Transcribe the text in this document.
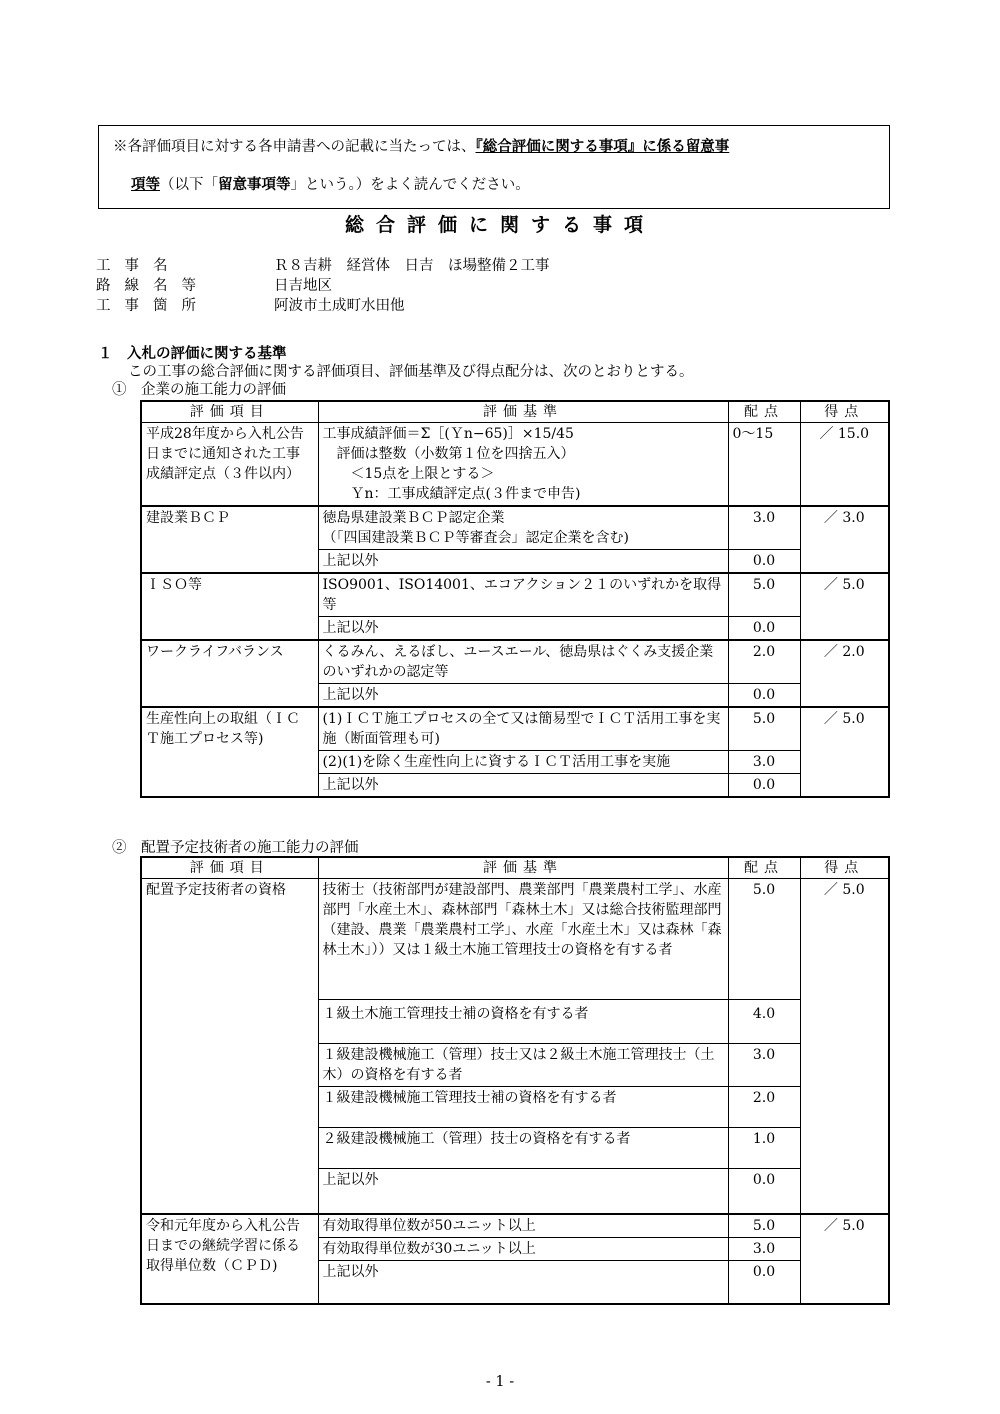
※各評価項目に対する各申請書への記載に当たっては、『総合評価に関する事項』に係る留意事
項等（以下「留意事項等」という。）をよく読んでください。
総合評価に関する事項
工事名	Ｒ８吉耕　経営体　日吉　ほ場整備２工事
路線名等	日吉地区
工事箇所	阿波市土成町水田他
１　入札の評価に関する基準
この工事の総合評価に関する評価項目、評価基準及び得点配分は、次のとおりとする。
①　企業の施工能力の評価
評価項目	評価基準	配点	得点
平成28年度から入札公告日までに通知された工事成績評定点（３件以内）	工事成績評価＝Σ［(Ｙn−65)］×15/45
　評価は整数（小数第１位を四捨五入）
　　＜15点を上限とする＞
　　Ｙn：工事成績評定点(３件まで申告)	0〜15	／ 15.0
建設業ＢＣＰ	徳島県建設業ＢＣＰ認定企業
（「四国建設業ＢＣＰ等審査会」認定企業を含む)	3.0	／ 3.0
	上記以外	0.0	
ＩＳＯ等	ISO9001、ISO14001、エコアクション２１のいずれかを取得等	5.0	／ 5.0
	上記以外	0.0	
ワークライフバランス	くるみん、えるぼし、ユースエール、徳島県はぐくみ支援企業のいずれかの認定等	2.0	／ 2.0
	上記以外	0.0	
生産性向上の取組（ＩＣＴ施工プロセス等)	(1)ＩＣＴ施工プロセスの全て又は簡易型でＩＣＴ活用工事を実施（断面管理も可)	5.0	／ 5.0
	(2)(1)を除く生産性向上に資するＩＣＴ活用工事を実施	3.0	
	上記以外	0.0	
②　配置予定技術者の施工能力の評価
評価項目	評価基準	配点	得点
配置予定技術者の資格	技術士（技術部門が建設部門、農業部門「農業農村工学」、水産部門「水産土木」、森林部門「森林土木」又は総合技術監理部門（建設、農業「農業農村工学」、水産「水産土木」又は森林「森林土木」））又は１級土木施工管理技士の資格を有する者	5.0	／ 5.0
	１級土木施工管理技士補の資格を有する者	4.0	
	１級建設機械施工（管理）技士又は２級土木施工管理技士（土木）の資格を有する者	3.0	
	１級建設機械施工管理技士補の資格を有する者	2.0	
	２級建設機械施工（管理）技士の資格を有する者	1.0	
	上記以外	0.0	
令和元年度から入札公告日までの継続学習に係る取得単位数（ＣＰＤ)	有効取得単位数が50ユニット以上	5.0	／ 5.0
	有効取得単位数が30ユニット以上	3.0	
	上記以外	0.0	
- 1 -
